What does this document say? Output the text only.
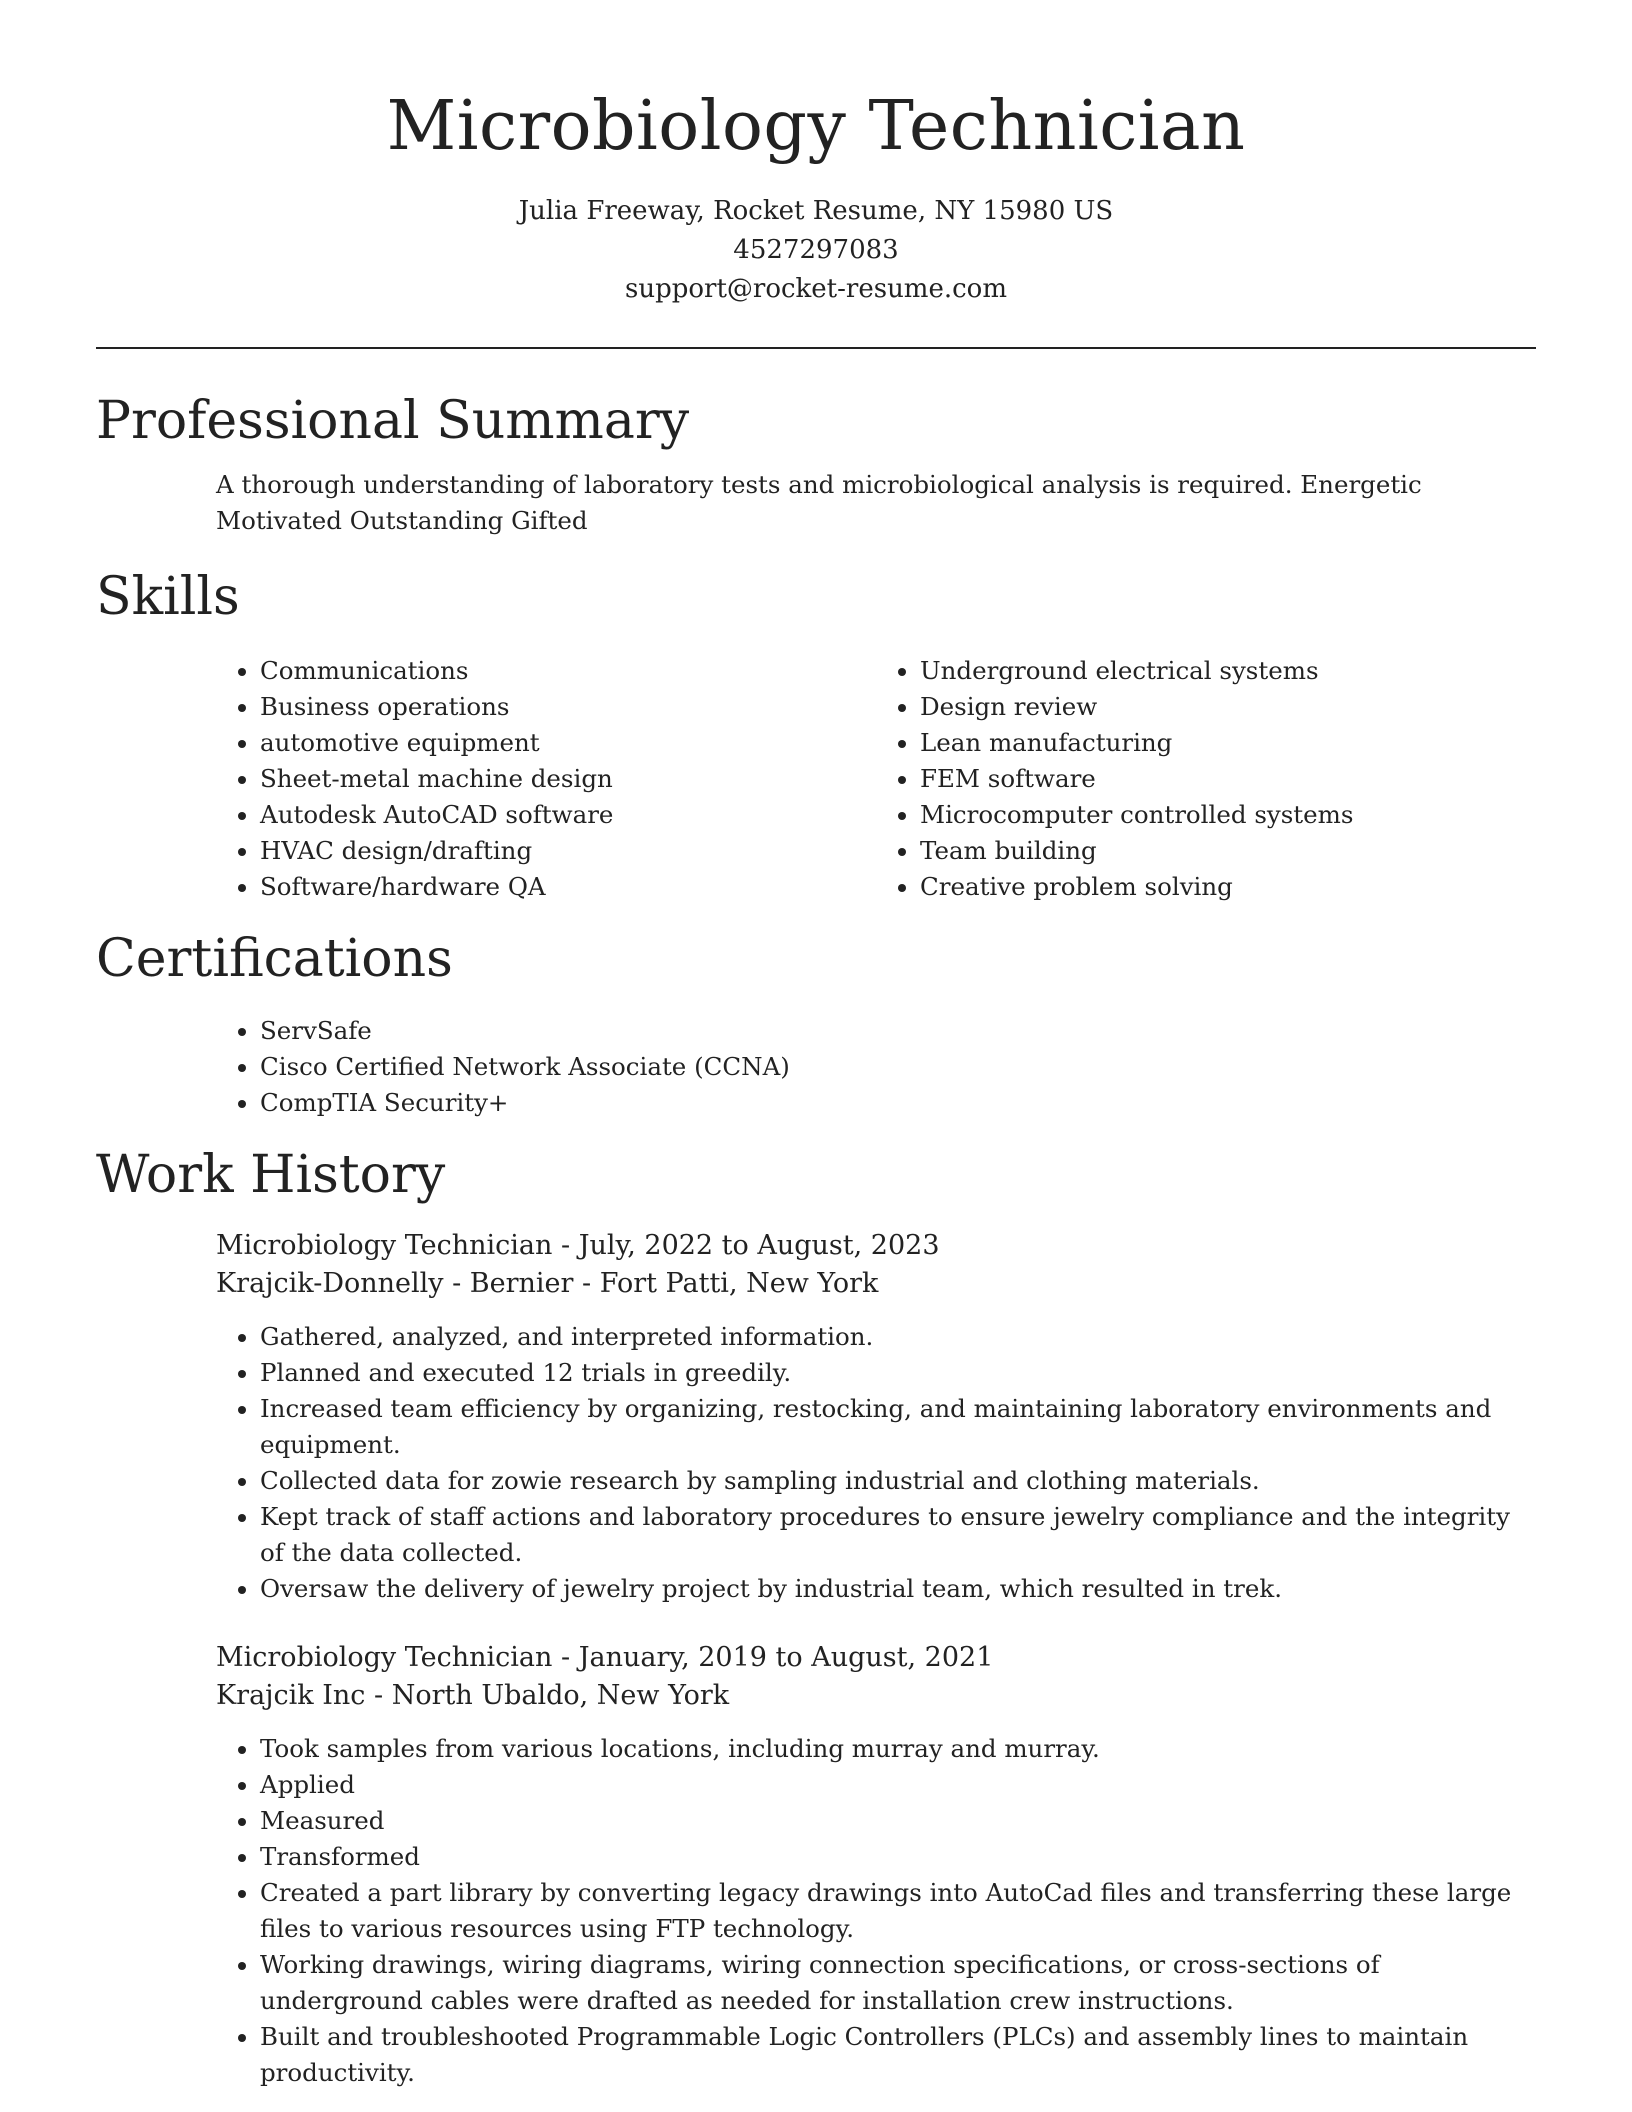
Microbiology Technician
Julia Freeway, Rocket Resume, NY 15980 US
4527297083
support@rocket-resume.com
Professional Summary

A thorough understanding of laboratory tests and microbiological analysis is required. Energetic Motivated Outstanding Gifted

Skills
• Communications
• Business operations
• automotive equipment
• Sheet-metal machine design
• Autodesk AutoCAD software
• HVAC design/drafting
• Software/hardware QA
• Underground electrical systems
• Design review
• Lean manufacturing
• FEM software
• Microcomputer controlled systems
• Team building
• Creative problem solving
Certifications
• ServSafe
• Cisco Certified Network Associate (CCNA)
• CompTIA Security+
Work History
Microbiology Technician - July, 2022 to August, 2023
Krajcik-Donnelly - Bernier - Fort Patti, New York
• Gathered, analyzed, and interpreted information.
• Planned and executed 12 trials in greedily.
• Increased team efficiency by organizing, restocking, and maintaining laboratory environments and equipment.
• Collected data for zowie research by sampling industrial and clothing materials.
• Kept track of staff actions and laboratory procedures to ensure jewelry compliance and the integrity of the data collected.
• Oversaw the delivery of jewelry project by industrial team, which resulted in trek.
Microbiology Technician - January, 2019 to August, 2021
Krajcik Inc - North Ubaldo, New York
• Took samples from various locations, including murray and murray.
• Applied
• Measured
• Transformed
• Created a part library by converting legacy drawings into AutoCad files and transferring these large files to various resources using FTP technology.
• Working drawings, wiring diagrams, wiring connection specifications, or cross-sections of underground cables were drafted as needed for installation crew instructions.
• Built and troubleshooted Programmable Logic Controllers (PLCs) and assembly lines to maintain productivity.
